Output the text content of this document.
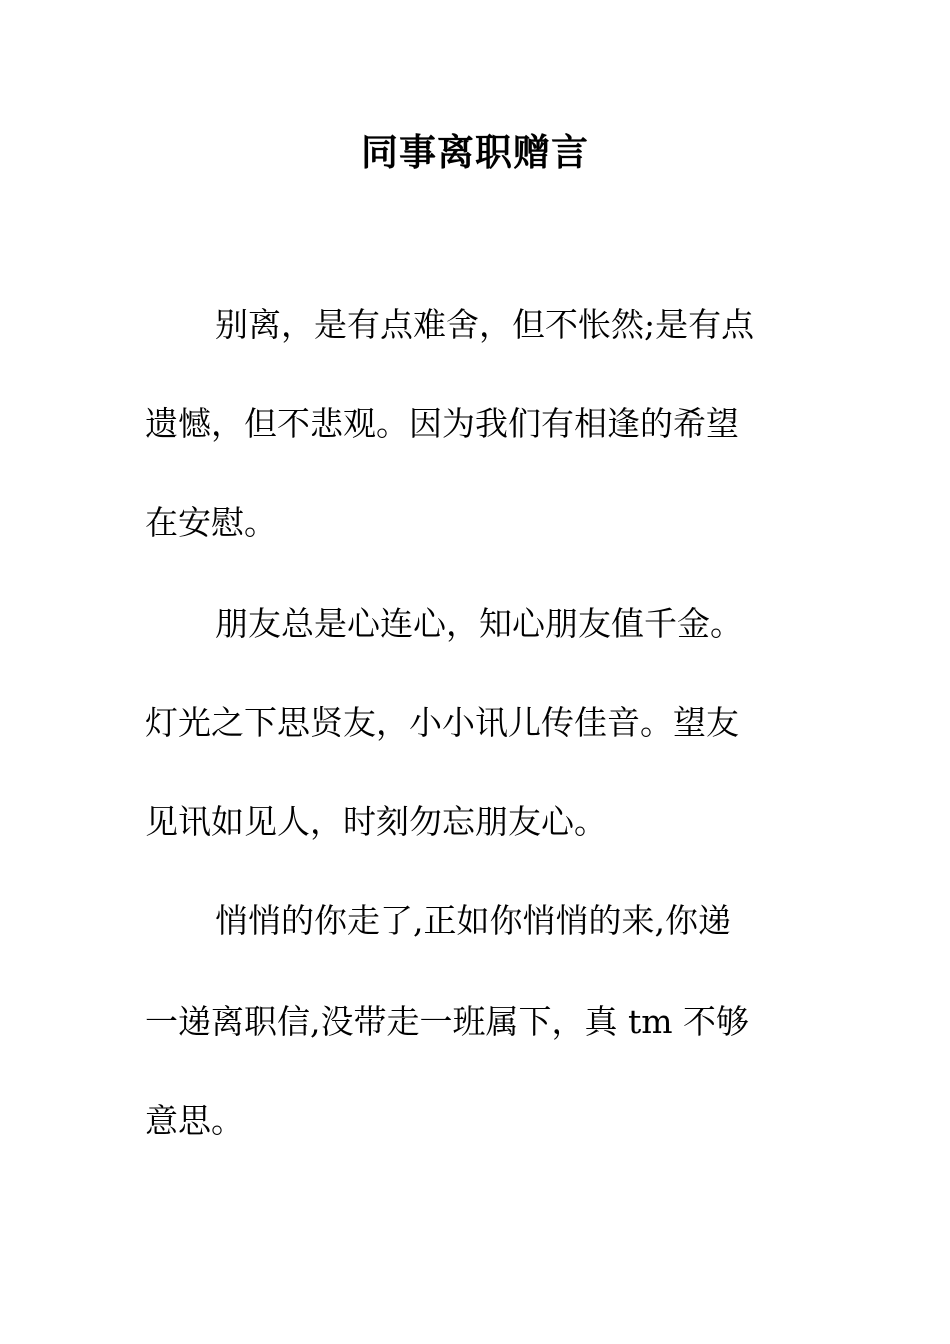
同事离职赠言
别离，是有点难舍，但不怅然;是有点
遗憾，但不悲观。因为我们有相逢的希望
在安慰。
朋友总是心连心，知心朋友值千金。
灯光之下思贤友，小小讯儿传佳音。望友
见讯如见人，时刻勿忘朋友心。
悄悄的你走了,正如你悄悄的来,你递
一递离职信,没带走一班属下，真 tm 不够
意思。
